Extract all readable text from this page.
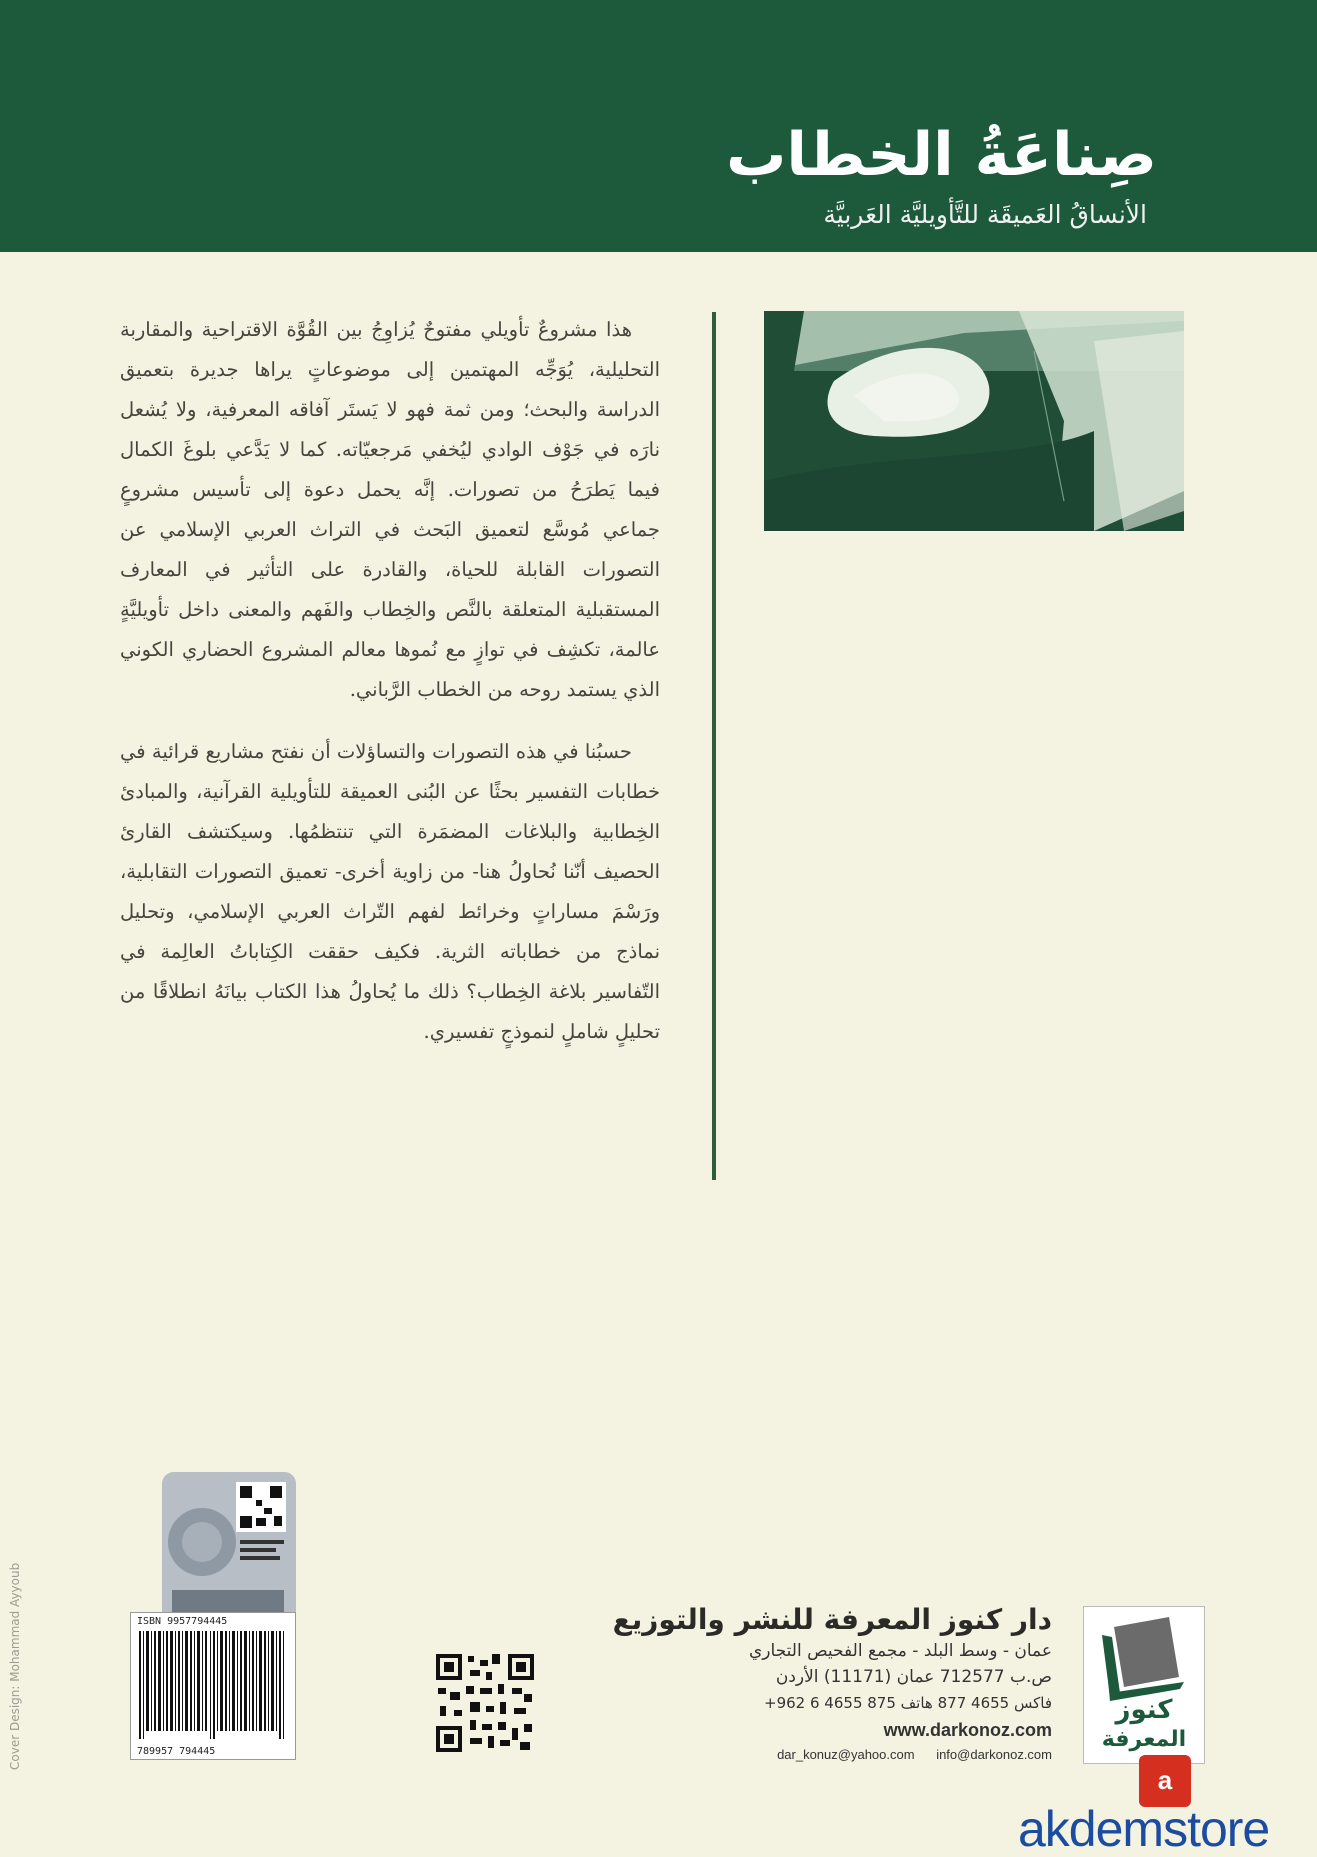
صِناعَةُ الخطاب
الأنساقُ العَميقَة للتَّأويليَّة العَربيَّة

هذا مشروعٌ تأويلي مفتوحٌ يُزاوِجُ بين القُوَّة الاقتراحية والمقاربة التحليلية، يُوَجِّه المهتمين إلى موضوعاتٍ يراها جديرة بتعميق الدراسة والبحث؛ ومن ثمة فهو لا يَستَر آفاقه المعرفية، ولا يُشعل نارَه في جَوْف الوادي ليُخفي مَرجعيّاته. كما لا يَدَّعي بلوغَ الكمال فيما يَطرَحُ من تصورات. إنَّه يحمل دعوة إلى تأسيس مشروعٍ جماعي مُوسَّع لتعميق البَحث في التراث العربي الإسلامي عن التصورات القابلة للحياة، والقادرة على التأثير في المعارف المستقبلية المتعلقة بالنَّص والخِطاب والفَهم والمعنى داخل تأويليَّةٍ عالمة، تكشِف في توازٍ مع نُموها معالم المشروع الحضاري الكوني الذي يستمد روحه من الخطاب الرَّباني.

حسبُنا في هذه التصورات والتساؤلات أن نفتح مشاريع قرائية في خطابات التفسير بحثًا عن البُنى العميقة للتأويلية القرآنية، والمبادئ الخِطابية والبلاغات المضمَرة التي تنتظمُها. وسيكتشف القارئ الحصيف أنّنا نُحاولُ هنا- من زاوية أخرى- تعميق التصورات التقابلية، ورَسْمَ مساراتٍ وخرائط لفهم التّراث العربي الإسلامي، وتحليل نماذج من خطاباته الثرية. فكيف حققت الكِتاباتُ العالِمة في التّفاسير بلاغة الخِطاب؟ ذلك ما يُحاولُ هذا الكتاب بيانَهُ انطلاقًا من تحليلٍ شاملٍ لنموذجٍ تفسيري.

Cover Design: Mohammad Ayyoub	ISBN 9957794445
789957 794445
دار كنوز المعرفة للنشر والتوزيع
عمان - وسط البلد - مجمع الفحيص التجاري
ص.ب 712577 عمان (11171) الأردن
+962 6 4655 875 فاكس 4655 877 هاتف
www.darkonoz.com
dar_konuz@yahoo.com info@darkonoz.com
كنوز
المعرفة
a
akdemstore
